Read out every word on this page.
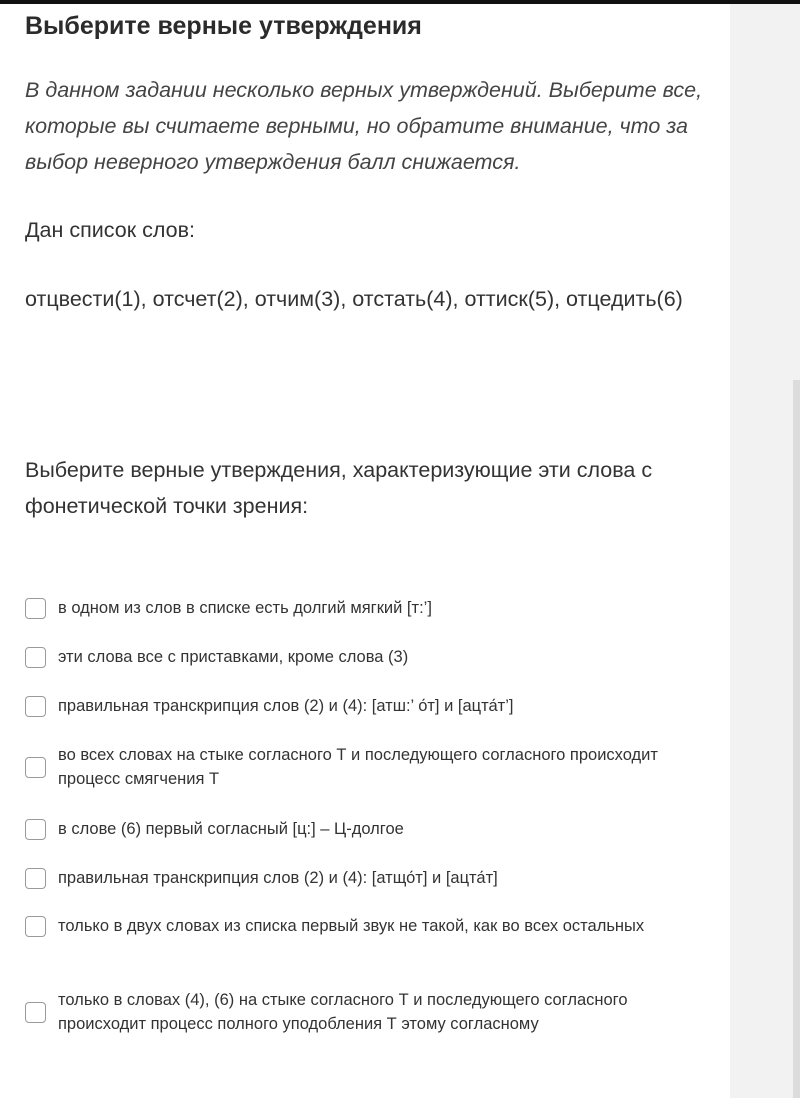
Выберите верные утверждения

В данном задании несколько верных утверждений. Выберите все, которые вы считаете верными, но обратите внимание, что за выбор неверного утверждения балл снижается.

Дан список слов:

отцвести(1), отсчет(2), отчим(3), отстать(4), оттиск(5), отцедить(6)

Выберите верные утверждения, характеризующие эти слова с фонетической точки зрения:

в одном из слов в списке есть долгий мягкий [т:’]
эти слова все с приставками, кроме слова (3)
правильная транскрипция слов (2) и (4): [атш:’ о́т] и [ацта́т’]
во всех словах на стыке согласного Т и последующего согласного происходит процесс смягчения Т
в слове (6) первый согласный [ц:] – Ц-долгое
правильная транскрипция слов (2) и (4): [атщо́т] и [ацта́т]
только в двух словах из списка первый звук не такой, как во всех остальных
только в словах (4), (6) на стыке согласного Т и последующего согласного происходит процесс полного уподобления Т этому согласному
